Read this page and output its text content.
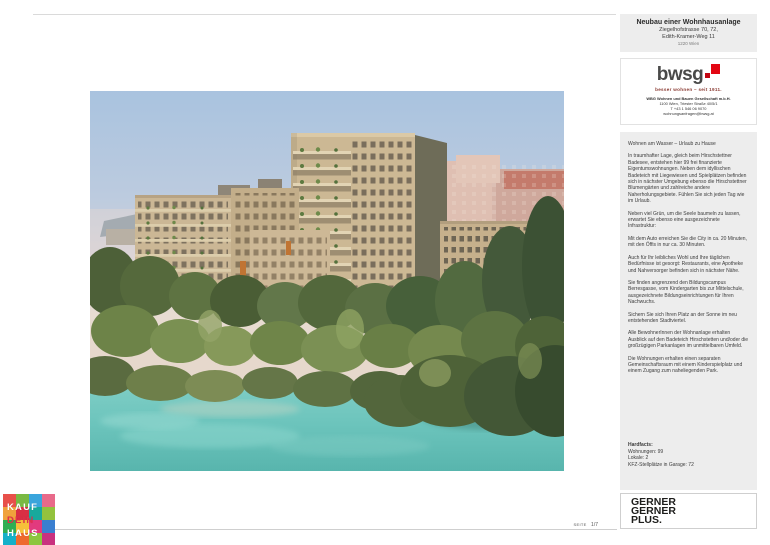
Neubau einer Wohnhausanlage
Ziegelhofstrasse 70, 72,
Edith-Kramer-Weg 11
1220 Wien
bwsg
besser wohnen – seit 1911.
WBG Wohnen und Bauen Gesellschaft m.b.H.
1100 Wien, Triester Straße 40/5/1
T +43 1 546 06 9070
wohnungsanfragen@bwsg.at

Wohnen am Wasser – Urlaub zu Hause

In traumhafter Lage, gleich beim Hirschstettner Badesee, entstehen hier 99 frei finanzierte Eigentumswohnungen. Neben dem idyllischen Badeteich mit Liegewiesen und Spielplätzen befinden sich in nächster Umgebung ebenso die Hirschstettner Blumengärten und zahlreiche andere Naherholungsgebiete. Fühlen Sie sich jeden Tag wie im Urlaub.

Neben viel Grün, um die Seele baumeln zu lassen, erwartet Sie ebenso eine ausgezeichnete Infrastruktur:

Mit dem Auto erreichen Sie die City in ca. 20 Minuten, mit den Öffis in nur ca. 30 Minuten.

Auch für Ihr leibliches Wohl und Ihre täglichen Bedürfnisse ist gesorgt: Restaurants, eine Apotheke und Nahversorger befinden sich in nächster Nähe.

Sie finden angrenzend den Bildungscampus Berresgasse, vom Kindergarten bis zur Mittelschule, ausgezeichnete Bildungseinrichtungen für Ihren Nachwuchs.

Sichern Sie sich Ihren Platz an der Sonne im neu entstehenden Stadtviertel.

Alle BewohnerInnen der Wohnanlage erhalten Ausblick auf den Badeteich Hirschstetten und/oder die großzügigen Parkanlagen im unmittelbaren Umfeld.

Die Wohnungen erhalten einen separaten Gemeinschaftsraum mit einem Kinderspielplatz und einem Zugang zum naheliegenden Park.

Hardfacts:
Wohnungen: 99
Lokale: 2
KFZ-Stellplätze in Garage: 72
GERNER
GERNER
PLUS.
SEITE 1/7
KAUF
DEIN
HAUS
